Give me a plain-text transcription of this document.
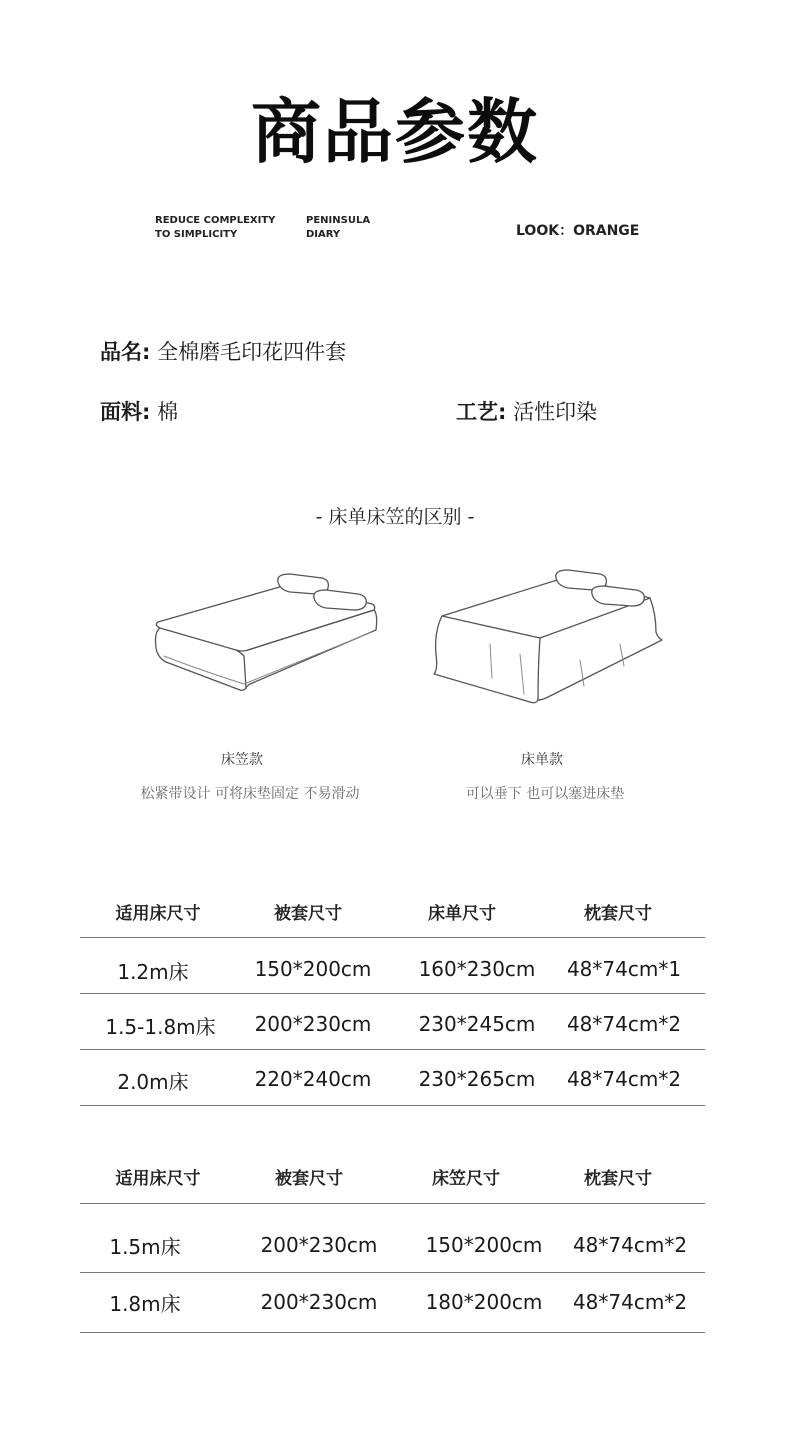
商品参数
REDUCE COMPLEXITY
TO SIMPLICITY
PENINSULA
DIARY	LOOK：ORANGE
品名: 全棉磨毛印花四件套
面料: 棉	工艺: 活性印染
- 床单床笠的区别 -
床笠款
松紧带设计 可将床垫固定 不易滑动
床单款
可以垂下 也可以塞进床垫
适用床尺寸	被套尺寸	床单尺寸	枕套尺寸
1.2m床	150*200cm	160*230cm	48*74cm*1
1.5-1.8m床	200*230cm	230*245cm	48*74cm*2
2.0m床	220*240cm	230*265cm	48*74cm*2
适用床尺寸	被套尺寸	床笠尺寸	枕套尺寸
1.5m床	200*230cm	150*200cm	48*74cm*2
1.8m床	200*230cm	180*200cm	48*74cm*2
